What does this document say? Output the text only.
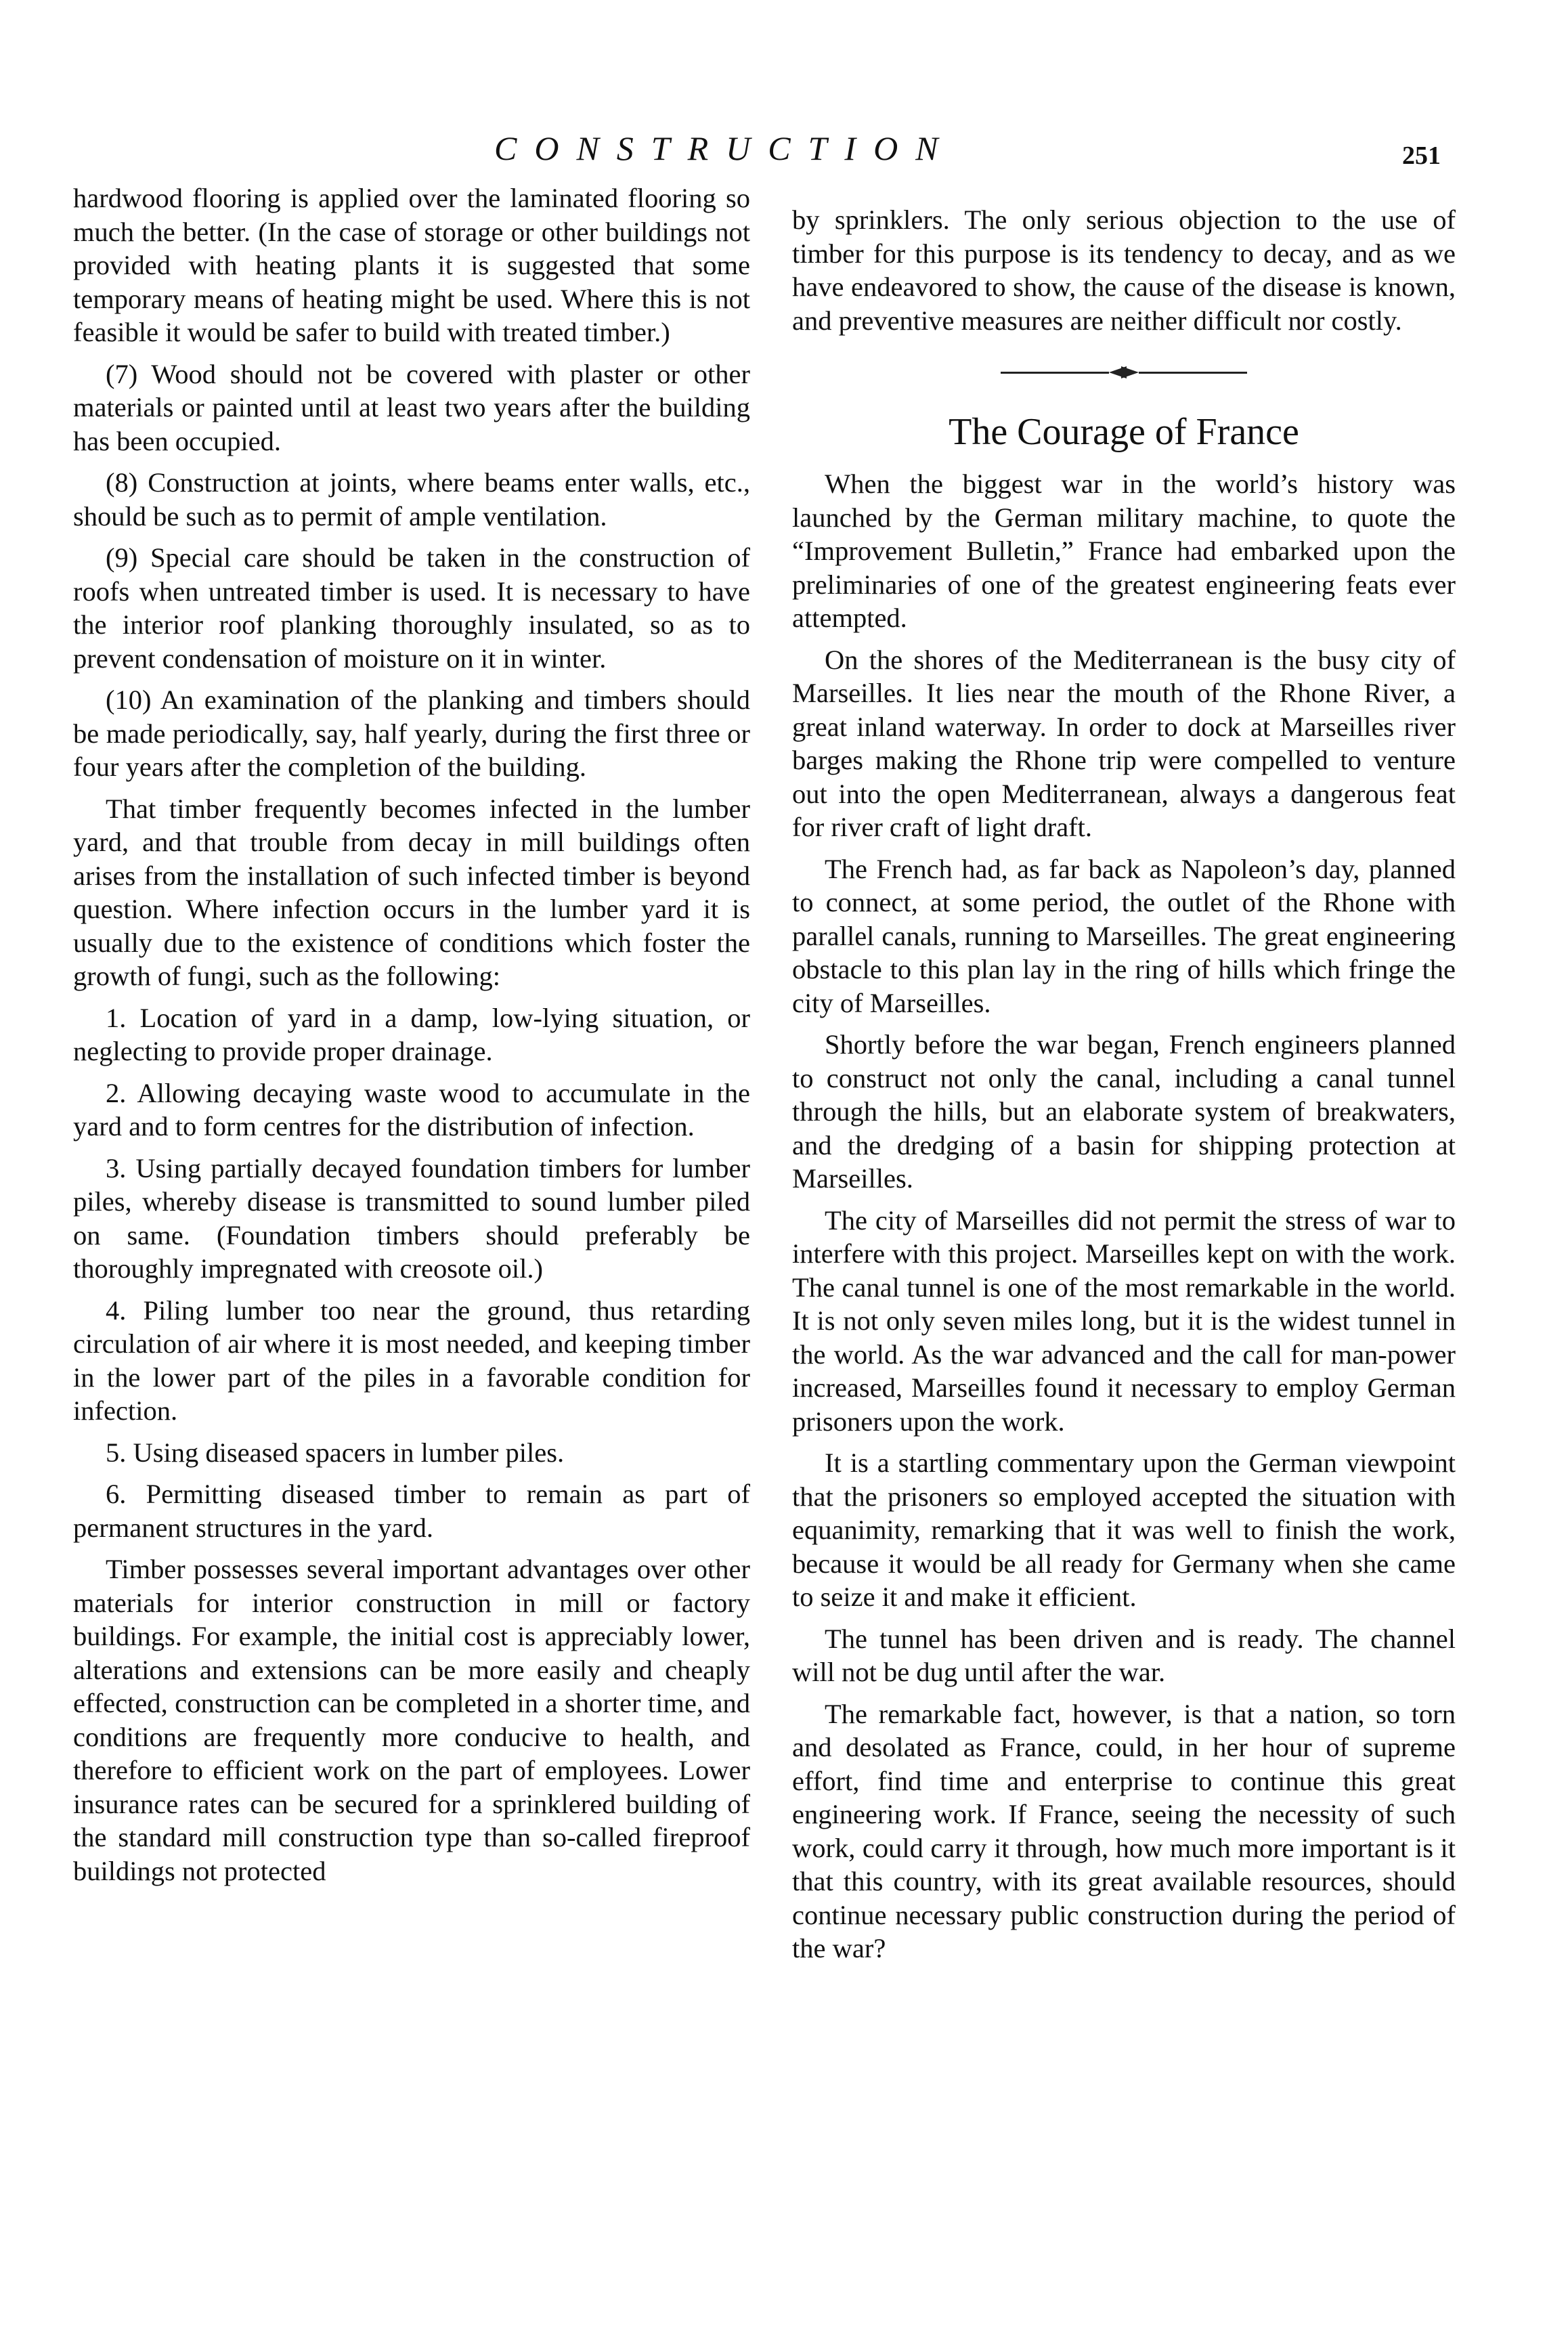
CONSTRUCTION	251

hardwood flooring is applied over the laminated flooring so much the better. (In the case of storage or other buildings not provided with heating plants it is suggested that some temporary means of heating might be used. Where this is not feasible it would be safer to build with treated timber.)

(7) Wood should not be covered with plaster or other materials or painted until at least two years after the building has been occupied.

(8) Construction at joints, where beams enter walls, etc., should be such as to permit of ample ventilation.

(9) Special care should be taken in the construction of roofs when untreated timber is used. It is necessary to have the interior roof planking thoroughly insulated, so as to prevent condensation of moisture on it in winter.

(10) An examination of the planking and timbers should be made periodically, say, half yearly, during the first three or four years after the completion of the building.

That timber frequently becomes infected in the lumber yard, and that trouble from decay in mill buildings often arises from the installation of such infected timber is beyond question. Where infection occurs in the lumber yard it is usually due to the existence of conditions which foster the growth of fungi, such as the following:

1. Location of yard in a damp, low-lying situation, or neglecting to provide proper drainage.

2. Allowing decaying waste wood to accumulate in the yard and to form centres for the distribution of infection.

3. Using partially decayed foundation timbers for lumber piles, whereby disease is transmitted to sound lumber piled on same. (Foundation timbers should preferably be thoroughly impregnated with creosote oil.)

4. Piling lumber too near the ground, thus retarding circulation of air where it is most needed, and keeping timber in the lower part of the piles in a favorable condition for infection.

5. Using diseased spacers in lumber piles.

6. Permitting diseased timber to remain as part of permanent structures in the yard.

Timber possesses several important advantages over other materials for interior construction in mill or factory buildings. For example, the initial cost is appreciably lower, alterations and extensions can be more easily and cheaply effected, construction can be completed in a shorter time, and conditions are frequently more conducive to health, and therefore to efficient work on the part of employees. Lower insurance rates can be secured for a sprinklered building of the standard mill construction type than so-called fireproof buildings not protected

by sprinklers. The only serious objection to the use of timber for this purpose is its tendency to decay, and as we have endeavored to show, the cause of the disease is known, and preventive measures are neither difficult nor costly.

The Courage of France

When the biggest war in the world’s history was launched by the German military machine, to quote the “Improvement Bulletin,” France had embarked upon the preliminaries of one of the greatest engineering feats ever attempted.

On the shores of the Mediterranean is the busy city of Marseilles. It lies near the mouth of the Rhone River, a great inland waterway. In order to dock at Marseilles river barges making the Rhone trip were compelled to venture out into the open Mediterranean, always a dangerous feat for river craft of light draft.

The French had, as far back as Napoleon’s day, planned to connect, at some period, the outlet of the Rhone with parallel canals, running to Marseilles. The great engineering obstacle to this plan lay in the ring of hills which fringe the city of Marseilles.

Shortly before the war began, French engineers planned to construct not only the canal, including a canal tunnel through the hills, but an elaborate system of breakwaters, and the dredging of a basin for shipping protection at Marseilles.

The city of Marseilles did not permit the stress of war to interfere with this project. Marseilles kept on with the work. The canal tunnel is one of the most remarkable in the world. It is not only seven miles long, but it is the widest tunnel in the world. As the war advanced and the call for man-power increased, Marseilles found it necessary to employ German prisoners upon the work.

It is a startling commentary upon the German viewpoint that the prisoners so employed accepted the situation with equanimity, remarking that it was well to finish the work, because it would be all ready for Germany when she came to seize it and make it efficient.

The tunnel has been driven and is ready. The channel will not be dug until after the war.

The remarkable fact, however, is that a nation, so torn and desolated as France, could, in her hour of supreme effort, find time and enterprise to continue this great engineering work. If France, seeing the necessity of such work, could carry it through, how much more important is it that this country, with its great available resources, should continue necessary public construction during the period of the war?
